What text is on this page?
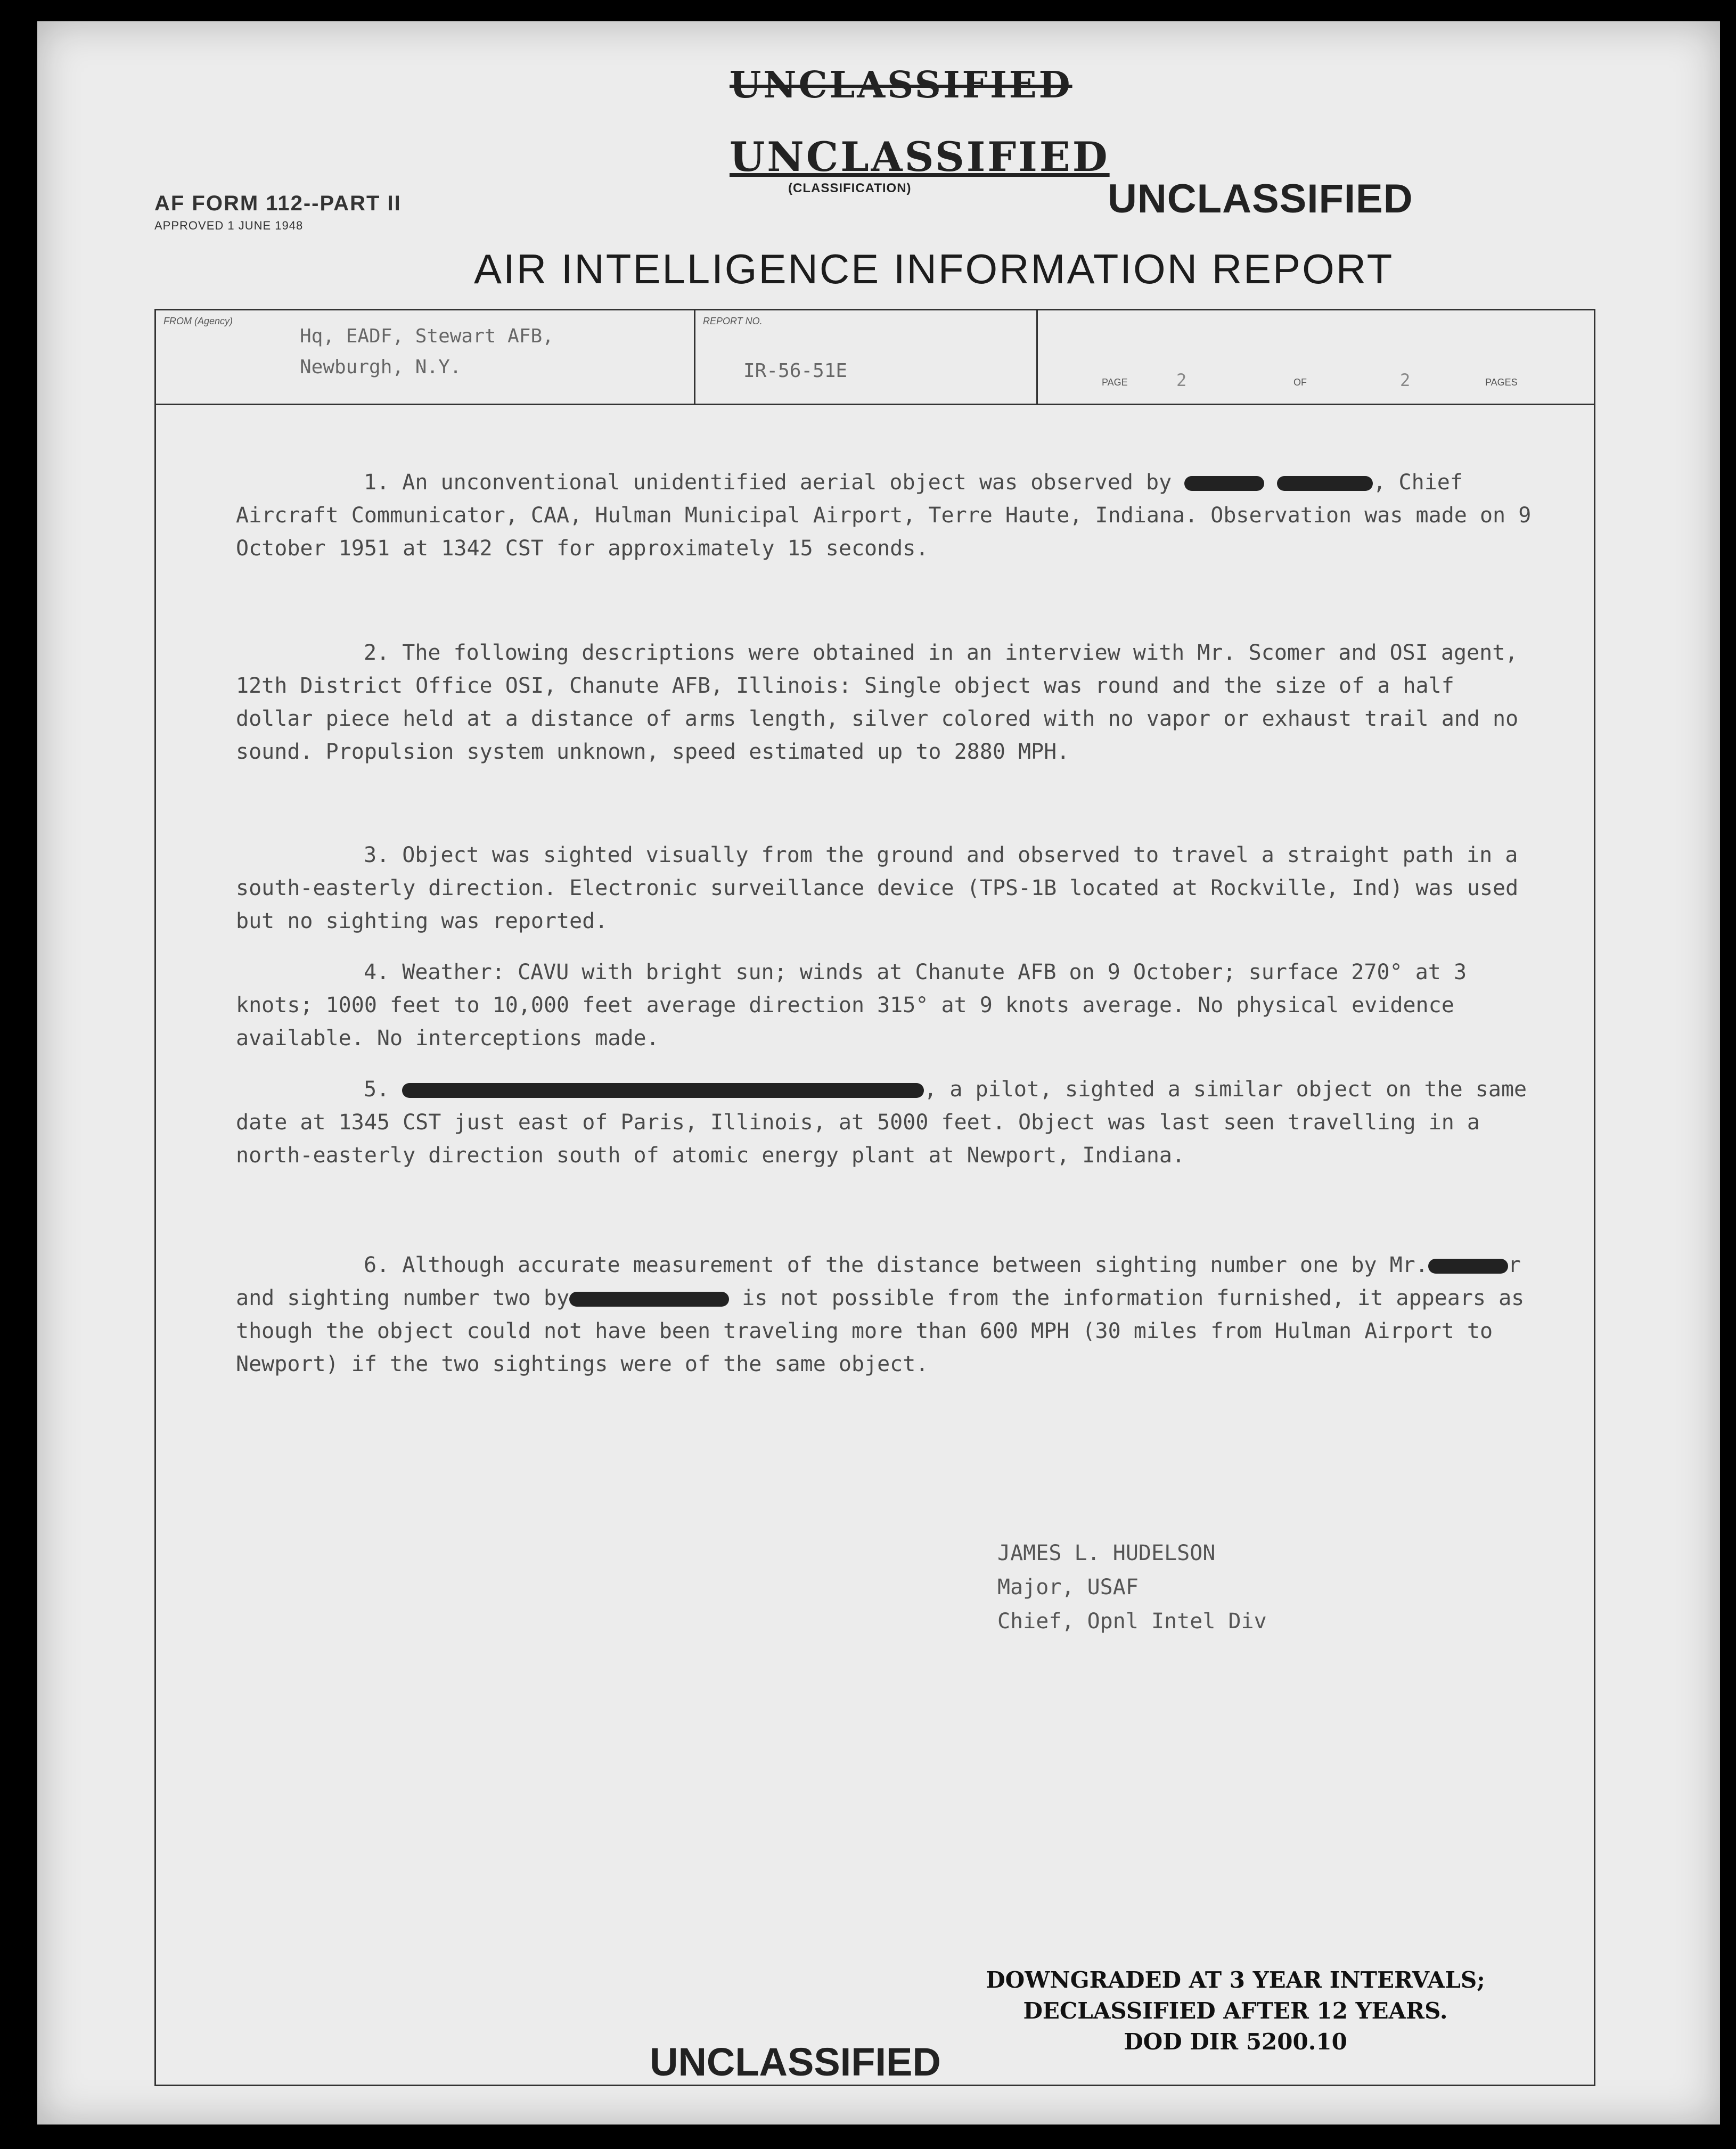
UNCLASSIFIED
UNCLASSIFIED
(CLASSIFICATION)	UNCLASSIFIED
AF FORM 112--PART II
APPROVED 1 JUNE 1948
AIR INTELLIGENCE INFORMATION REPORT
FROM (Agency)
Hq, EADF, Stewart AFB,
Newburgh, N.Y.
REPORT NO.
IR-56-51E
PAGE	2	OF	2	PAGES
1. An unconventional unidentified aerial object was observed by	, Chief Aircraft Communicator, CAA, Hulman Municipal Airport, Terre Haute, Indiana. Observation was made on 9 October 1951 at 1342 CST for approximately 15 seconds.
2. The following descriptions were obtained in an interview with Mr. Scomer and OSI agent, 12th District Office OSI, Chanute AFB, Illinois: Single object was round and the size of a half dollar piece held at a distance of arms length, silver colored with no vapor or exhaust trail and no sound. Propulsion system unknown, speed estimated up to 2880 MPH.
3. Object was sighted visually from the ground and observed to travel a straight path in a south-easterly direction. Electronic surveillance device (TPS-1B located at Rockville, Ind) was used but no sighting was reported.
4. Weather: CAVU with bright sun; winds at Chanute AFB on 9 October; surface 270° at 3 knots; 1000 feet to 10,000 feet average direction 315° at 9 knots average. No physical evidence available. No interceptions made.
5.	, a pilot, sighted a similar object on the same date at 1345 CST just east of Paris, Illinois, at 5000 feet. Object was last seen travelling in a north-easterly direction south of atomic energy plant at Newport, Indiana.
6. Although accurate measurement of the distance between sighting number one by Mr.	r and sighting number two by	is not possible from the information furnished, it appears as though the object could not have been traveling more than 600 MPH (30 miles from Hulman Airport to Newport) if the two sightings were of the same object.
JAMES L. HUDELSON
Major, USAF
Chief, Opnl Intel Div
DOWNGRADED AT 3 YEAR INTERVALS;
DECLASSIFIED AFTER 12 YEARS.
DOD DIR 5200.10
UNCLASSIFIED
